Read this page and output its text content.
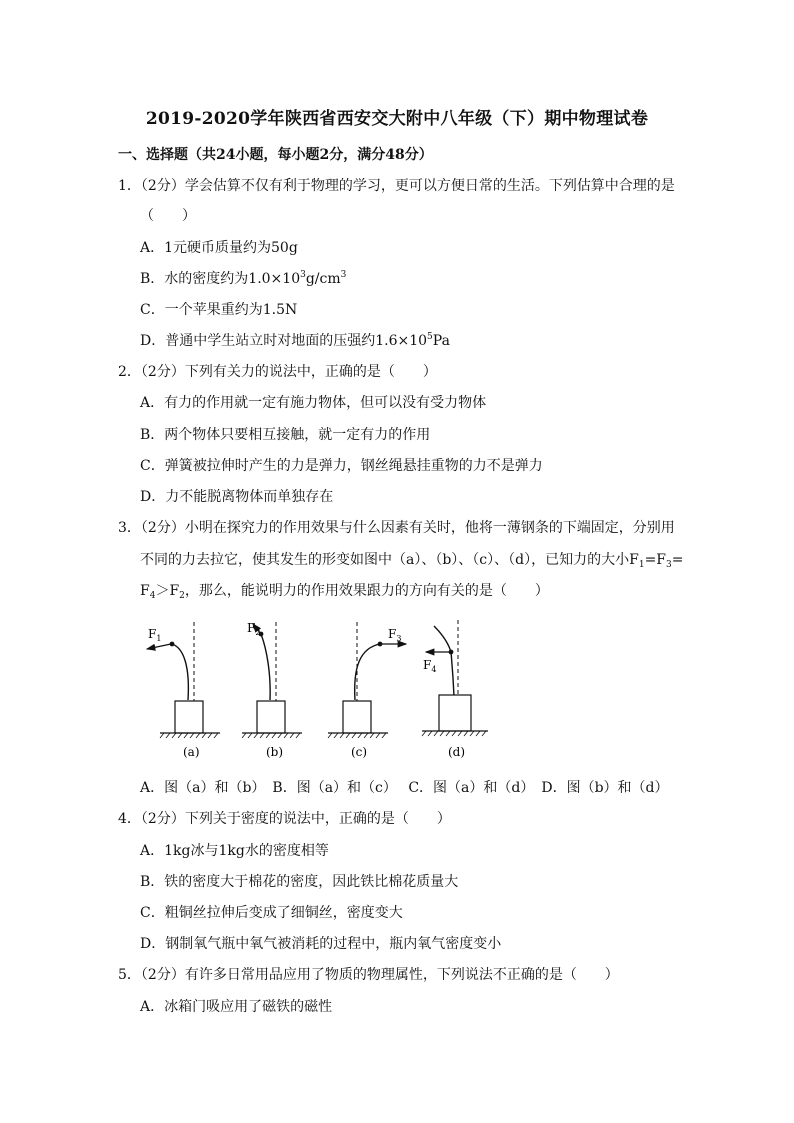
2019-2020学年陕西省西安交大附中八年级（下）期中物理试卷
一、选择题（共24小题，每小题2分，满分48分）
1．（2分）学会估算不仅有利于物理的学习，更可以方便日常的生活。下列估算中合理的是
（　　）
A．1元硬币质量约为50g
B．水的密度约为$1.0\times 10^3g/cm^3$
C．一个苹果重约为1.5N
D．普通中学生站立时对地面的压强约$1.6\times 10^5Pa$
2．（2分）下列有关力的说法中，正确的是（　　）
A．有力的作用就一定有施力物体，但可以没有受力物体
B．两个物体只要相互接触，就一定有力的作用
C．弹簧被拉伸时产生的力是弹力，钢丝绳悬挂重物的力不是弹力
D．力不能脱离物体而单独存在
3．（2分）小明在探究力的作用效果与什么因素有关时，他将一薄钢条的下端固定，分别用
不同的力去拉它，使其发生的形变如图中（a）、（b）、（c）、（d），已知力的大小$F_1=F_3=$
$F_4>F_2$，那么，能说明力的作用效果跟力的方向有关的是（　　）
$F_1$
(a)
$F_2$
(b)
$F_3$
(c)
$F_4$
(d)
A．图（a）和（b）　B．图（a）和（c）　 C．图（a）和（d）　D．图（b）和（d）
4．（2分）下列关于密度的说法中，正确的是（　　）
A．1kg冰与1kg水的密度相等
B．铁的密度大于棉花的密度，因此铁比棉花质量大
C．粗铜丝拉伸后变成了细铜丝，密度变大
D．钢制氧气瓶中氧气被消耗的过程中，瓶内氧气密度变小
5．（2分）有许多日常用品应用了物质的物理属性，下列说法不正确的是（　　）
A．冰箱门吸应用了磁铁的磁性
